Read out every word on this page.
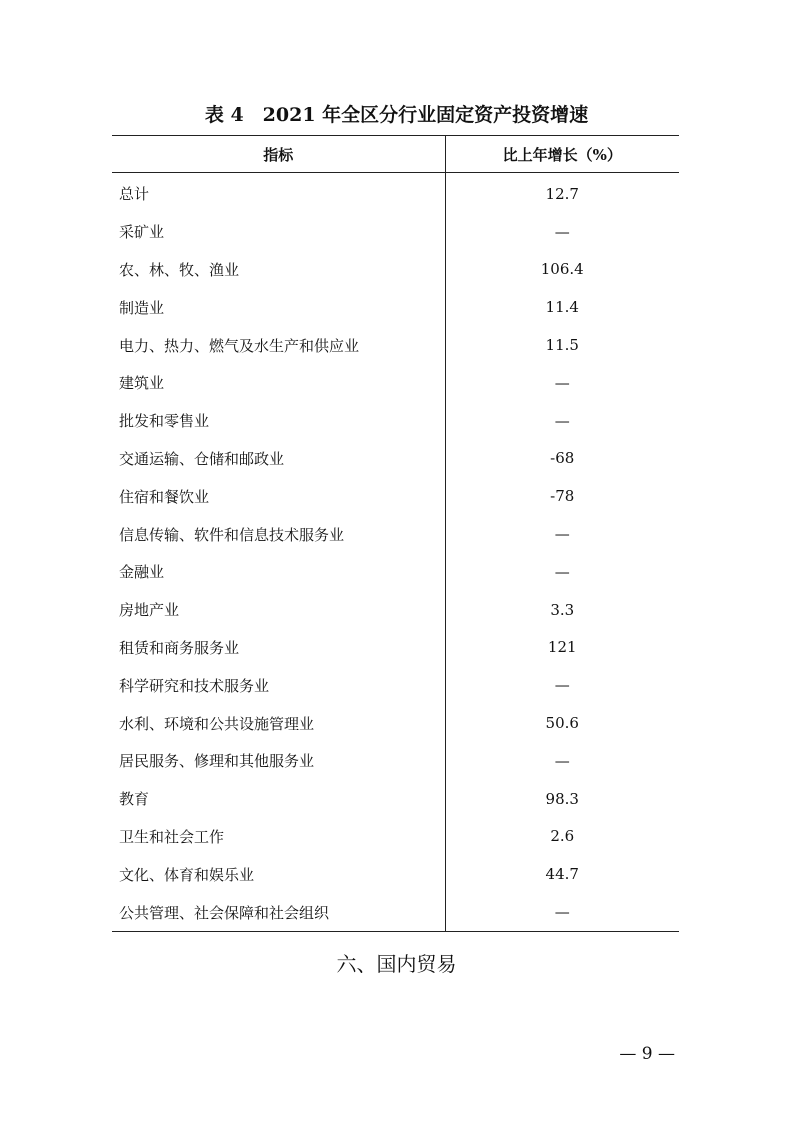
表 4　2021 年全区分行业固定资产投资增速
指标	比上年增长（%）
总计	12.7
采矿业	—
农、林、牧、渔业	106.4
制造业	11.4
电力、热力、燃气及水生产和供应业	11.5
建筑业	—
批发和零售业	—
交通运输、仓储和邮政业	-68
住宿和餐饮业	-78
信息传输、软件和信息技术服务业	—
金融业	—
房地产业	3.3
租赁和商务服务业	121
科学研究和技术服务业	—
水利、环境和公共设施管理业	50.6
居民服务、修理和其他服务业	—
教育	98.3
卫生和社会工作	2.6
文化、体育和娱乐业	44.7
公共管理、社会保障和社会组织	—
六、国内贸易
— 9 —
